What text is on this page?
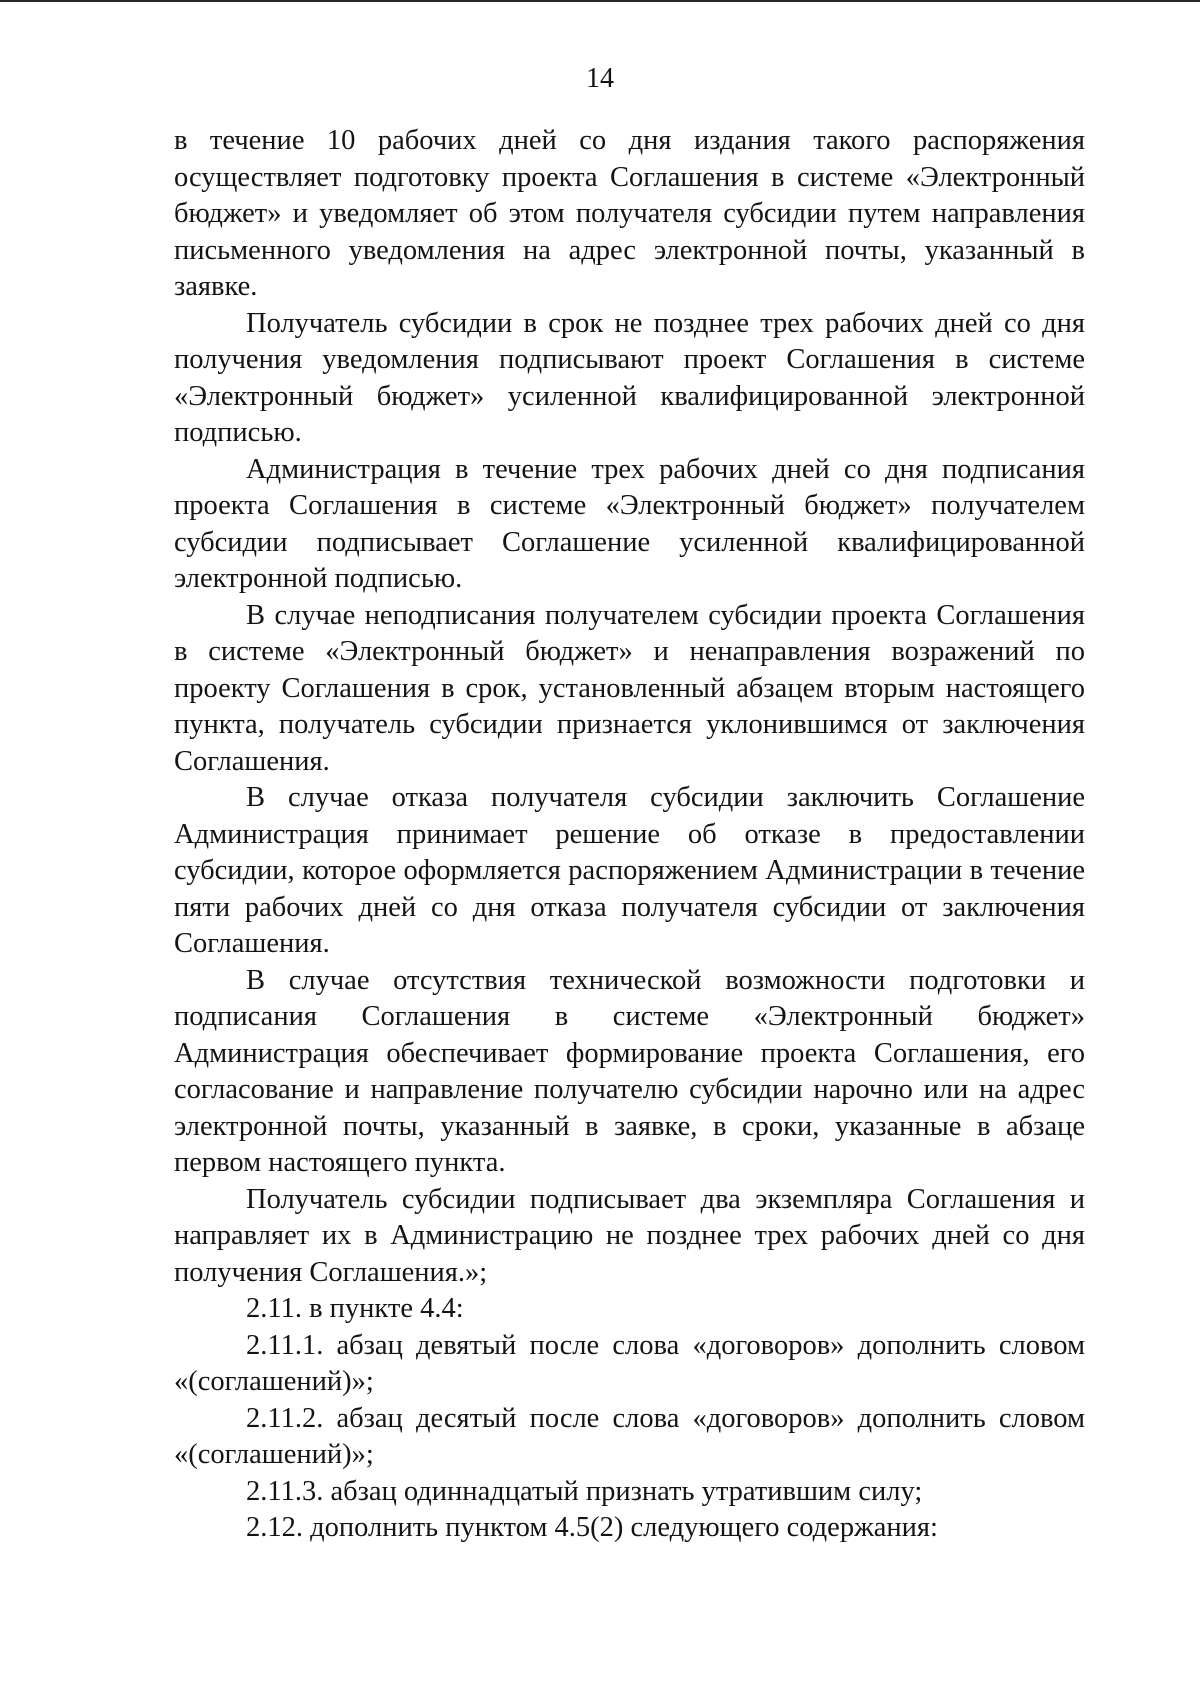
14

в течение 10 рабочих дней со дня издания такого распоряжения осуществляет подготовку проекта Соглашения в системе «Электронный бюджет» и уведомляет об этом получателя субсидии путем направления письменного уведомления на адрес электронной почты, указанный в заявке.

Получатель субсидии в срок не позднее трех рабочих дней со дня получения уведомления подписывают проект Соглашения в системе «Электронный бюджет» усиленной квалифицированной электронной подписью.

Администрация в течение трех рабочих дней со дня подписания проекта Соглашения в системе «Электронный бюджет» получателем субсидии подписывает Соглашение усиленной квалифицированной электронной подписью.

В случае неподписания получателем субсидии проекта Соглашения в системе «Электронный бюджет» и ненаправления возражений по проекту Соглашения в срок, установленный абзацем вторым настоящего пункта, получатель субсидии признается уклонившимся от заключения Соглашения.

В случае отказа получателя субсидии заключить Соглашение Администрация принимает решение об отказе в предоставлении субсидии, которое оформляется распоряжением Администрации в течение пяти рабочих дней со дня отказа получателя субсидии от заключения Соглашения.

В случае отсутствия технической возможности подготовки и подписания Соглашения в системе «Электронный бюджет» Администрация обеспечивает формирование проекта Соглашения, его согласование и направление получателю субсидии нарочно или на адрес электронной почты, указанный в заявке, в сроки, указанные в абзаце первом настоящего пункта.

Получатель субсидии подписывает два экземпляра Соглашения и направляет их в Администрацию не позднее трех рабочих дней со дня получения Соглашения.»;

2.11. в пункте 4.4:

2.11.1. абзац девятый после слова «договоров» дополнить словом «(соглашений)»;

2.11.2. абзац десятый после слова «договоров» дополнить словом «(соглашений)»;

2.11.3. абзац одиннадцатый признать утратившим силу;

2.12. дополнить пунктом 4.5(2) следующего содержания:
